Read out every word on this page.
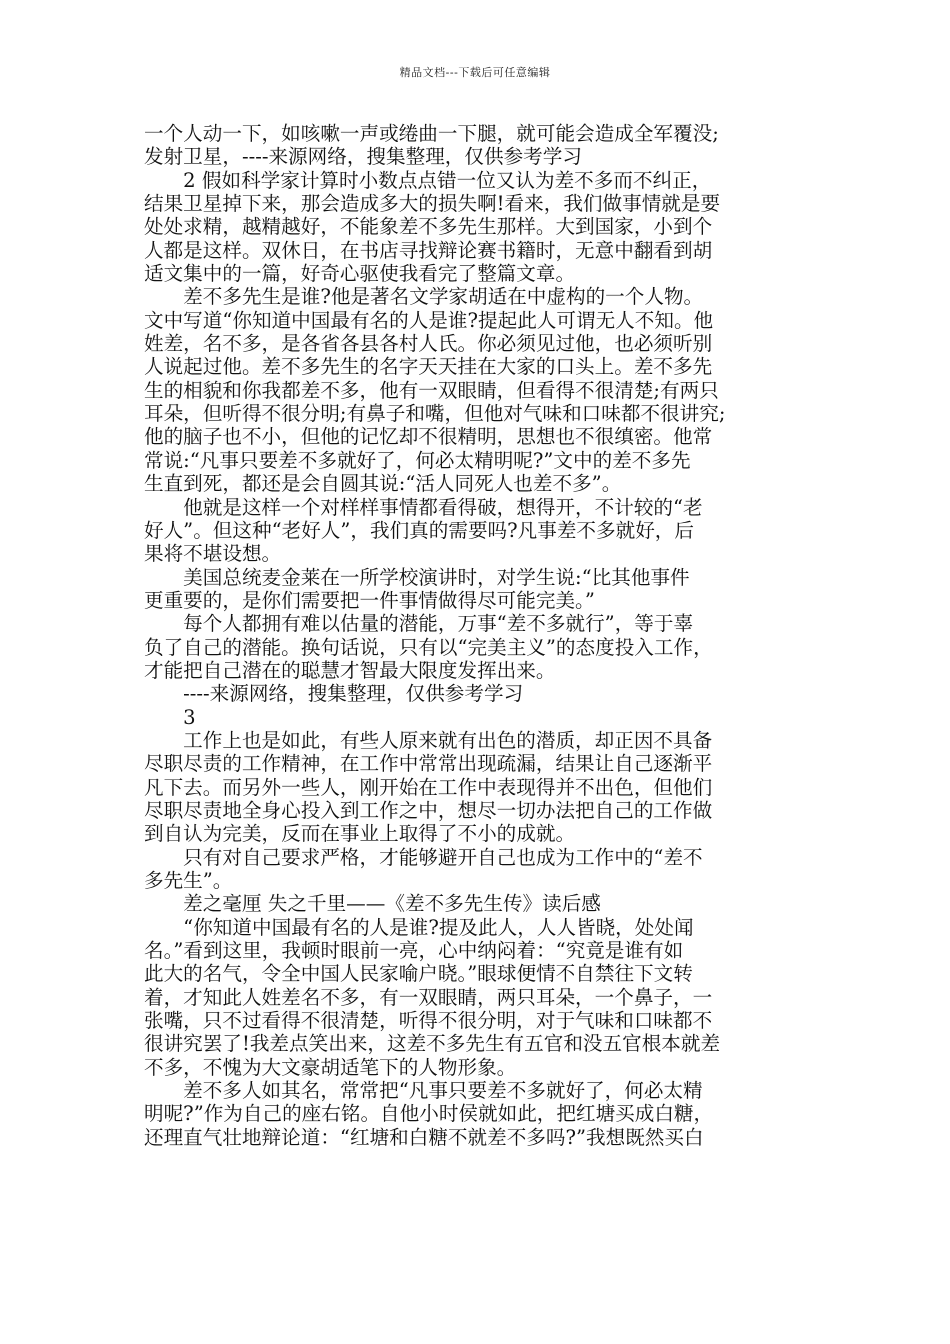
精品文档---下载后可任意编辑
一个人动一下，如咳嗽一声或绻曲一下腿，就可能会造成全军覆没;
发射卫星，----来源网络，搜集整理，仅供参考学习
　　2 假如科学家计算时小数点点错一位又认为差不多而不纠正，
结果卫星掉下来，那会造成多大的损失啊!看来，我们做事情就是要
处处求精，越精越好，不能象差不多先生那样。大到国家，小到个
人都是这样。双休日，在书店寻找辩论赛书籍时，无意中翻看到胡
适文集中的一篇，好奇心驱使我看完了整篇文章。
　　差不多先生是谁?他是著名文学家胡适在中虚构的一个人物。
文中写道“你知道中国最有名的人是谁?提起此人可谓无人不知。他
姓差，名不多，是各省各县各村人氏。你必须见过他，也必须听别
人说起过他。差不多先生的名字天天挂在大家的口头上。差不多先
生的相貌和你我都差不多，他有一双眼睛，但看得不很清楚;有两只
耳朵，但听得不很分明;有鼻子和嘴，但他对气味和口味都不很讲究;
他的脑子也不小，但他的记忆却不很精明，思想也不很缜密。他常
常说:“凡事只要差不多就好了，何必太精明呢?”文中的差不多先
生直到死，都还是会自圆其说:“活人同死人也差不多”。
　　他就是这样一个对样样事情都看得破，想得开，不计较的“老
好人”。但这种“老好人”，我们真的需要吗?凡事差不多就好，后
果将不堪设想。
　　美国总统麦金莱在一所学校演讲时，对学生说:“比其他事件
更重要的，是你们需要把一件事情做得尽可能完美。”
　　每个人都拥有难以估量的潜能，万事“差不多就行”，等于辜
负了自己的潜能。换句话说，只有以“完美主义”的态度投入工作，
才能把自己潜在的聪慧才智最大限度发挥出来。
　　----来源网络，搜集整理，仅供参考学习
　　3
　　工作上也是如此，有些人原来就有出色的潜质，却正因不具备
尽职尽责的工作精神，在工作中常常出现疏漏，结果让自己逐渐平
凡下去。而另外一些人，刚开始在工作中表现得并不出色，但他们
尽职尽责地全身心投入到工作之中，想尽一切办法把自己的工作做
到自认为完美，反而在事业上取得了不小的成就。
　　只有对自己要求严格，才能够避开自己也成为工作中的“差不
多先生”。
　　差之毫厘 失之千里——《差不多先生传》读后感
　　“你知道中国最有名的人是谁?提及此人，人人皆晓，处处闻
名。”看到这里，我顿时眼前一亮，心中纳闷着：“究竟是谁有如
此大的名气，令全中国人民家喻户晓。”眼球便情不自禁往下文转
着，才知此人姓差名不多，有一双眼睛，两只耳朵，一个鼻子，一
张嘴，只不过看得不很清楚，听得不很分明，对于气味和口味都不
很讲究罢了!我差点笑出来，这差不多先生有五官和没五官根本就差
不多，不愧为大文豪胡适笔下的人物形象。
　　差不多人如其名，常常把“凡事只要差不多就好了，何必太精
明呢?”作为自己的座右铭。自他小时侯就如此，把红塘买成白糖，
还理直气壮地辩论道：“红塘和白糖不就差不多吗?”我想既然买白
